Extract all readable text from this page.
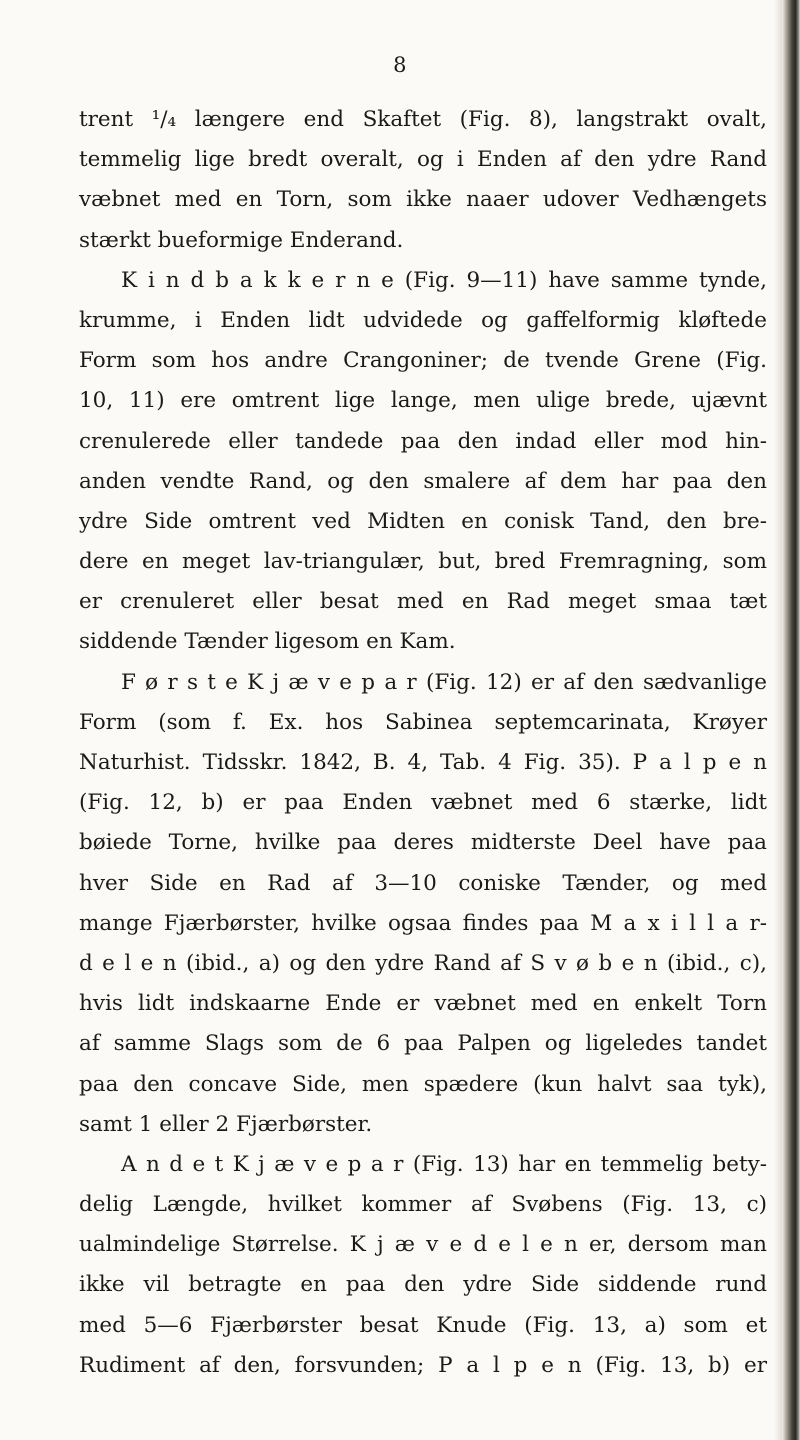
8
trent ¹/₄ længere end Skaftet (Fig. 8), langstrakt ovalt,
temmelig lige bredt overalt, og i Enden af den ydre Rand
væbnet med en Torn, som ikke naaer udover Vedhængets
stærkt bueformige Enderand.
K i n d b a k k e r n e (Fig. 9—11) have samme tynde,
krumme, i Enden lidt udvidede og gaffelformig kløftede
Form som hos andre Crangoniner; de tvende Grene (Fig.
10, 11) ere omtrent lige lange, men ulige brede, ujævnt
crenulerede eller tandede paa den indad eller mod hin-
anden vendte Rand, og den smalere af dem har paa den
ydre Side omtrent ved Midten en conisk Tand, den bre-
dere en meget lav-triangulær, but, bred Fremragning, som
er crenuleret eller besat med en Rad meget smaa tæt
siddende Tænder ligesom en Kam.
F ø r s t e K j æ v e p a r (Fig. 12) er af den sædvanlige
Form (som f. Ex. hos Sabinea septemcarinata, Krøyer
Naturhist. Tidsskr. 1842, B. 4, Tab. 4 Fig. 35). P a l p e n
(Fig. 12, b) er paa Enden væbnet med 6 stærke, lidt
bøiede Torne, hvilke paa deres midterste Deel have paa
hver Side en Rad af 3—10 coniske Tænder, og med
mange Fjærbørster, hvilke ogsaa findes paa M a x i l l a r-
d e l e n (ibid., a) og den ydre Rand af S v ø b e n (ibid., c),
hvis lidt indskaarne Ende er væbnet med en enkelt Torn
af samme Slags som de 6 paa Palpen og ligeledes tandet
paa den concave Side, men spædere (kun halvt saa tyk),
samt 1 eller 2 Fjærbørster.
A n d e t K j æ v e p a r (Fig. 13) har en temmelig bety-
delig Længde, hvilket kommer af Svøbens (Fig. 13, c)
ualmindelige Størrelse. K j æ v e d e l e n er, dersom man
ikke vil betragte en paa den ydre Side siddende rund
med 5—6 Fjærbørster besat Knude (Fig. 13, a) som et
Rudiment af den, forsvunden; P a l p e n (Fig. 13, b) er
